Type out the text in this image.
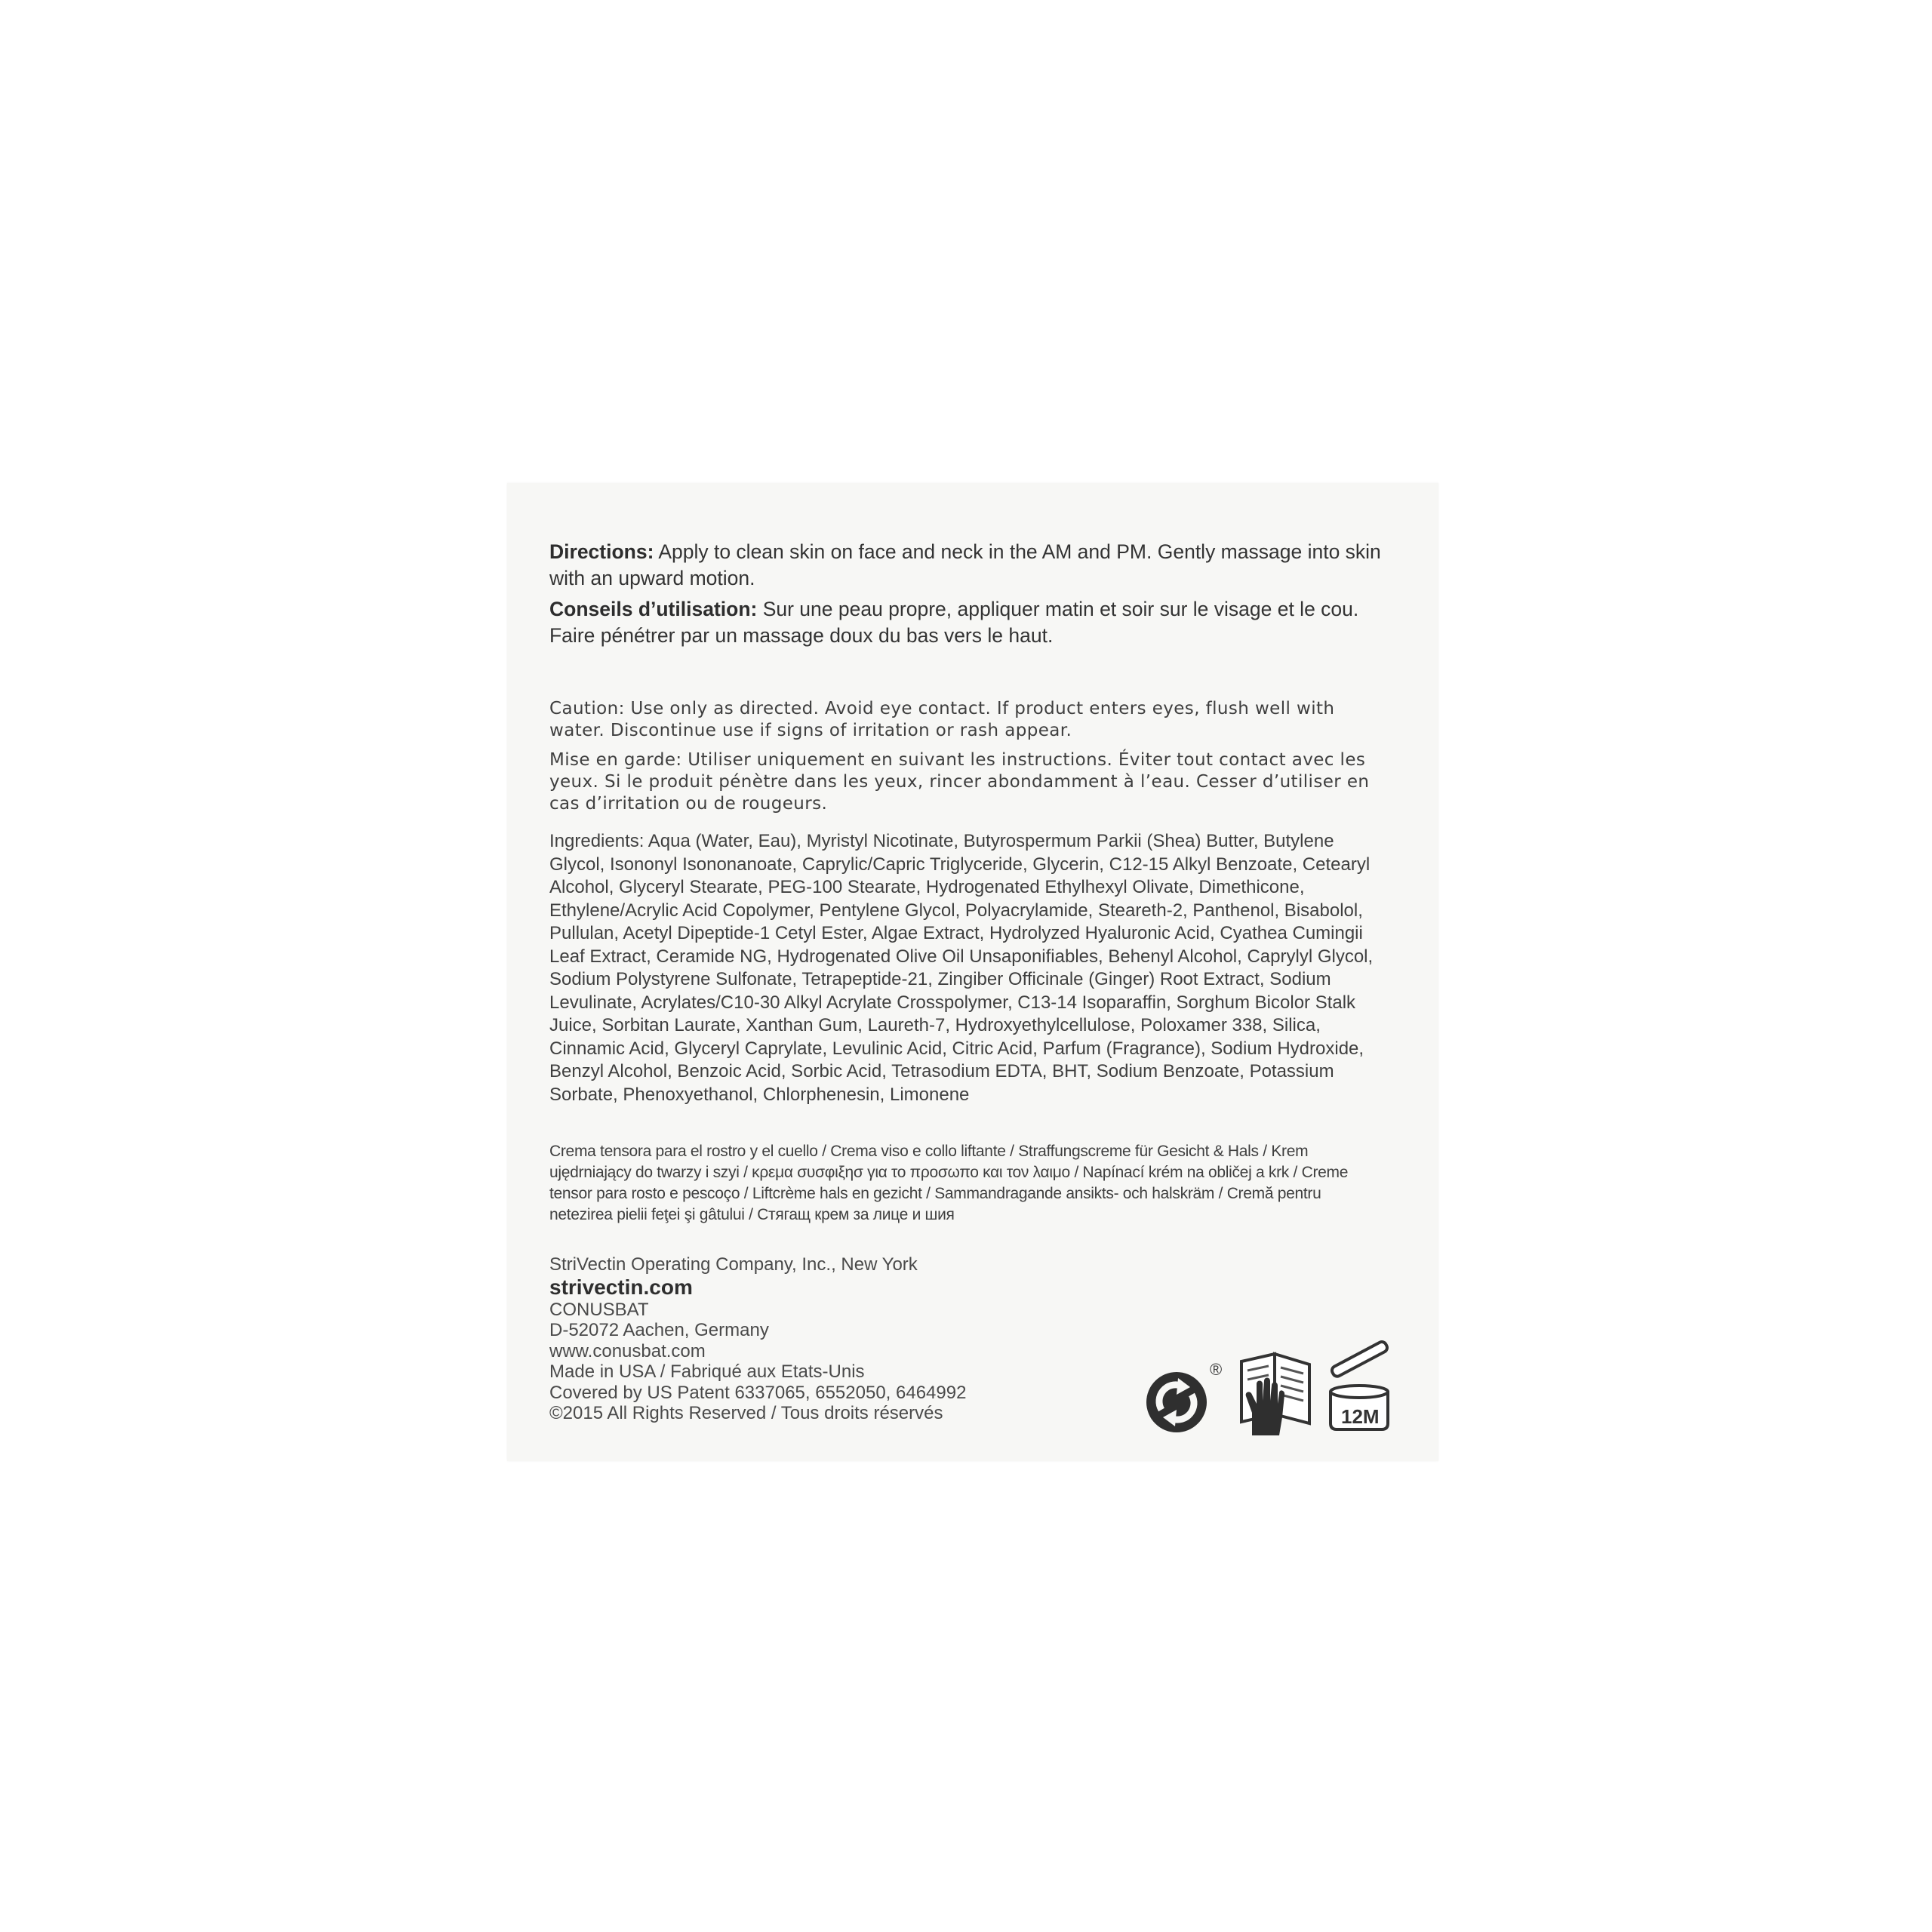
Directions: Apply to clean skin on face and neck in the AM and PM. Gently massage into skin with an upward motion.

Conseils d’utilisation: Sur une peau propre, appliquer matin et soir sur le visage et le cou. Faire pénétrer par un massage doux du bas vers le haut.

Caution: Use only as directed. Avoid eye contact. If product enters eyes, flush well with water. Discontinue use if signs of irritation or rash appear.

Mise en garde: Utiliser uniquement en suivant les instructions. Éviter tout contact avec les yeux. Si le produit pénètre dans les yeux, rincer abondamment à l’eau. Cesser d’utiliser en cas d’irritation ou de rougeurs.

Ingredients: Aqua (Water, Eau), Myristyl Nicotinate, Butyrospermum Parkii (Shea) Butter, Butylene Glycol, Isononyl Isononanoate, Caprylic/Capric Triglyceride, Glycerin, C12-15 Alkyl Benzoate, Cetearyl Alcohol, Glyceryl Stearate, PEG-100 Stearate, Hydrogenated Ethylhexyl Olivate, Dimethicone, Ethylene/Acrylic Acid Copolymer, Pentylene Glycol, Polyacrylamide, Steareth-2, Panthenol, Bisabolol, Pullulan, Acetyl Dipeptide-1 Cetyl Ester, Algae Extract, Hydrolyzed Hyaluronic Acid, Cyathea Cumingii Leaf Extract, Ceramide NG, Hydrogenated Olive Oil Unsaponifiables, Behenyl Alcohol, Caprylyl Glycol, Sodium Polystyrene Sulfonate, Tetrapeptide-21, Zingiber Officinale (Ginger) Root Extract, Sodium Levulinate, Acrylates/C10-30 Alkyl Acrylate Crosspolymer, C13-14 Isoparaffin, Sorghum Bicolor Stalk Juice, Sorbitan Laurate, Xanthan Gum, Laureth-7, Hydroxyethylcellulose, Poloxamer 338, Silica, Cinnamic Acid, Glyceryl Caprylate, Levulinic Acid, Citric Acid, Parfum (Fragrance), Sodium Hydroxide, Benzyl Alcohol, Benzoic Acid, Sorbic Acid, Tetrasodium EDTA, BHT, Sodium Benzoate, Potassium Sorbate, Phenoxyethanol, Chlorphenesin, Limonene
Crema tensora para el rostro y el cuello / Crema viso e collo liftante / Straffungscreme für Gesicht & Hals / Krem ujędrniający do twarzy i szyi / κρεμα συσφιξησ για το προσωπο και τον λαιμο / Napínací krém na obličej a krk / Creme tensor para rosto e pescoço / Liftcrème hals en gezicht / Sammandragande ansikts- och halskräm / Cremă pentru netezirea pielii feţei şi gâtului / Стягащ крем за лице и шия
StriVectin Operating Company, Inc., New York
strivectin.com
CONUSBAT
D-52072 Aachen, Germany
www.conusbat.com
Made in USA / Fabriqué aux Etats-Unis
Covered by US Patent 6337065, 6552050, 6464992
©2015 All Rights Reserved / Tous droits réservés
®
12M
